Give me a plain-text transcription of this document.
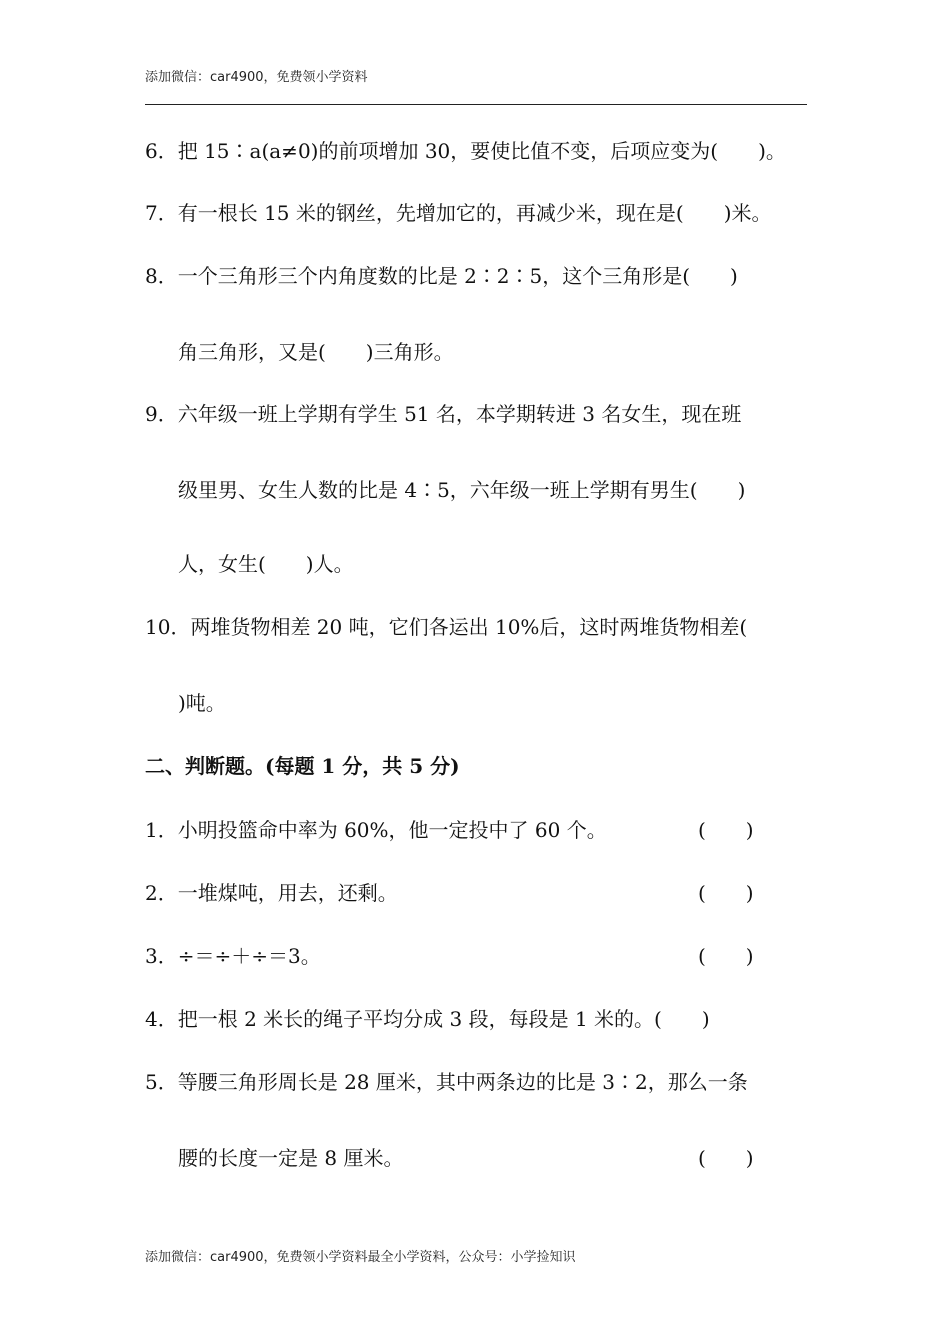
添加微信：car4900，免费领小学资料
6．把 15∶a(a≠0)的前项增加 30，要使比值不变，后项应变为(　　)。
7．有一根长 15 米的钢丝，先增加它的，再减少米，现在是(　　)米。
8．一个三角形三个内角度数的比是 2∶2∶5，这个三角形是(　　)
角三角形，又是(　　)三角形。
9．六年级一班上学期有学生 51 名，本学期转进 3 名女生，现在班
级里男、女生人数的比是 4∶5，六年级一班上学期有男生(　　)
人，女生(　　)人。
10．两堆货物相差 20 吨，它们各运出 10%后，这时两堆货物相差(
)吨。
二、判断题。(每题 1 分，共 5 分)
1．小明投篮命中率为 60%，他一定投中了 60 个。	(　　)
2．一堆煤吨，用去，还剩。	(　　)
3．÷＝÷＋÷＝3。	(　　)
4．把一根 2 米长的绳子平均分成 3 段，每段是 1 米的。(　　)
5．等腰三角形周长是 28 厘米，其中两条边的比是 3∶2，那么一条
腰的长度一定是 8 厘米。	(　　)
添加微信：car4900，免费领小学资料最全小学资料，公众号：小学捡知识
